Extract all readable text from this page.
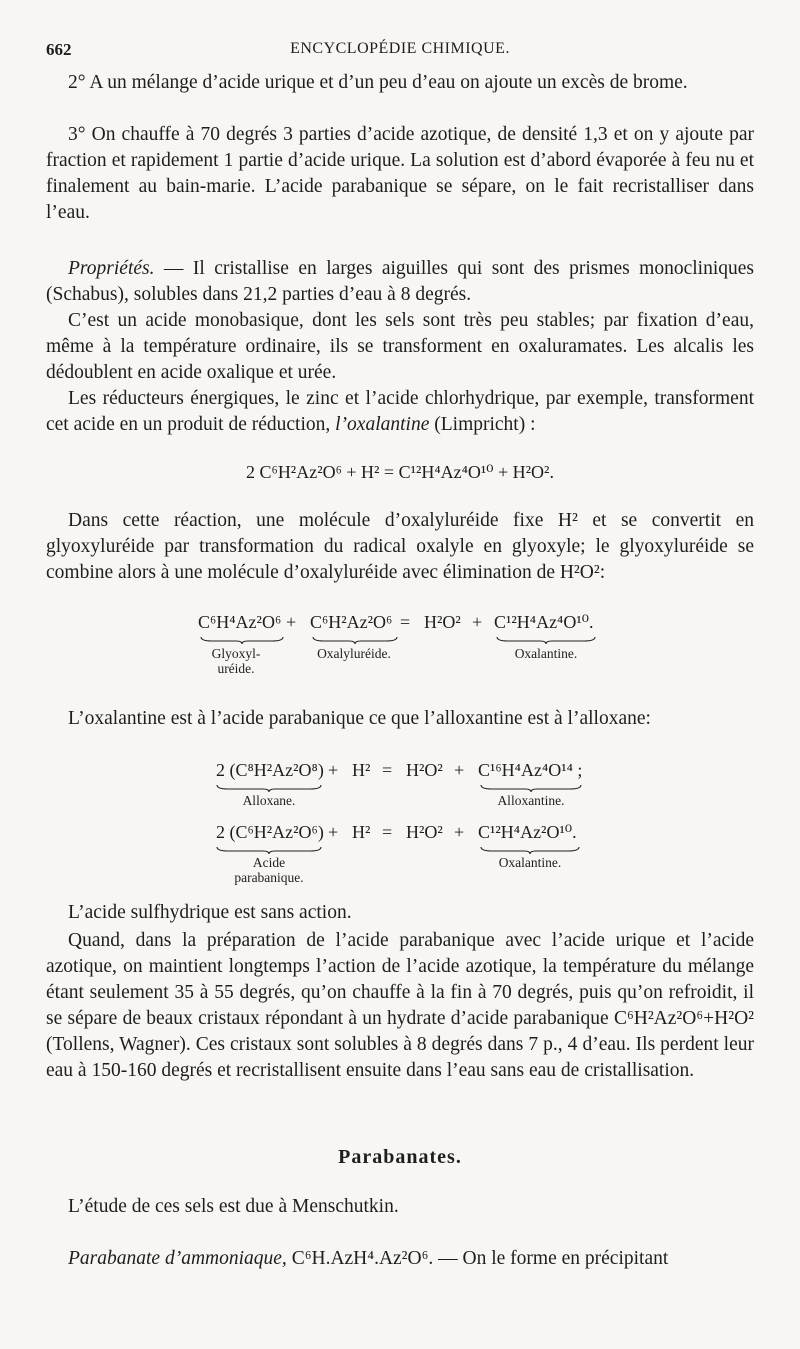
662	ENCYCLOPÉDIE CHIMIQUE.

2° A un mélange d’acide urique et d’un peu d’eau on ajoute un excès de brome.

3° On chauffe à 70 degrés 3 parties d’acide azotique, de densité 1,3 et on y ajoute par fraction et rapidement 1 partie d’acide urique. La solution est d’abord évaporée à feu nu et finalement au bain-marie. L’acide parabanique se sépare, on le fait recristalliser dans l’eau.

Propriétés. — Il cristallise en larges aiguilles qui sont des prismes monocliniques (Schabus), solubles dans 21,2 parties d’eau à 8 degrés.

C’est un acide monobasique, dont les sels sont très peu stables; par fixation d’eau, même à la température ordinaire, ils se transforment en oxaluramates. Les alcalis les dédoublent en acide oxalique et urée.

Les réducteurs énergiques, le zinc et l’acide chlorhydrique, par exemple, transforment cet acide en un produit de réduction, l’oxalantine (Limpricht) :

2 C⁶H²Az²O⁶ + H² = C¹²H⁴Az⁴O¹⁰ + H²O².

Dans cette réaction, une molécule d’oxalyluréide fixe H² et se convertit en glyoxyluréide par transformation du radical oxalyle en glyoxyle; le glyoxyluréide se combine alors à une molécule d’oxalyluréide avec élimination de H²O²:

C⁶H⁴Az²O⁶ + C⁶H²Az²O⁶ = H²O² + C¹²H⁴Az⁴O¹⁰.
Glyoxyl-
uréide.
Oxalyluréide.	Oxalantine.

L’oxalantine est à l’acide parabanique ce que l’alloxantine est à l’alloxane:

2 (C⁸H²Az²O⁸) + H² = H²O² + C¹⁶H⁴Az⁴O¹⁴ ;
Alloxane.	Alloxantine.
2 (C⁶H²Az²O⁶) + H² = H²O² + C¹²H⁴Az²O¹⁰.
Acide
parabanique.
Oxalantine.

L’acide sulfhydrique est sans action.

Quand, dans la préparation de l’acide parabanique avec l’acide urique et l’acide azotique, on maintient longtemps l’action de l’acide azotique, la température du mélange étant seulement 35 à 55 degrés, qu’on chauffe à la fin à 70 degrés, puis qu’on refroidit, il se sépare de beaux cristaux répondant à un hydrate d’acide parabanique C⁶H²Az²O⁶+H²O² (Tollens, Wagner). Ces cristaux sont solubles à 8 degrés dans 7 p., 4 d’eau. Ils perdent leur eau à 150-160 degrés et recristallisent ensuite dans l’eau sans eau de cristallisation.

Parabanates.

L’étude de ces sels est due à Menschutkin.

Parabanate d’ammoniaque, C⁶H.AzH⁴.Az²O⁶. — On le forme en précipitant
